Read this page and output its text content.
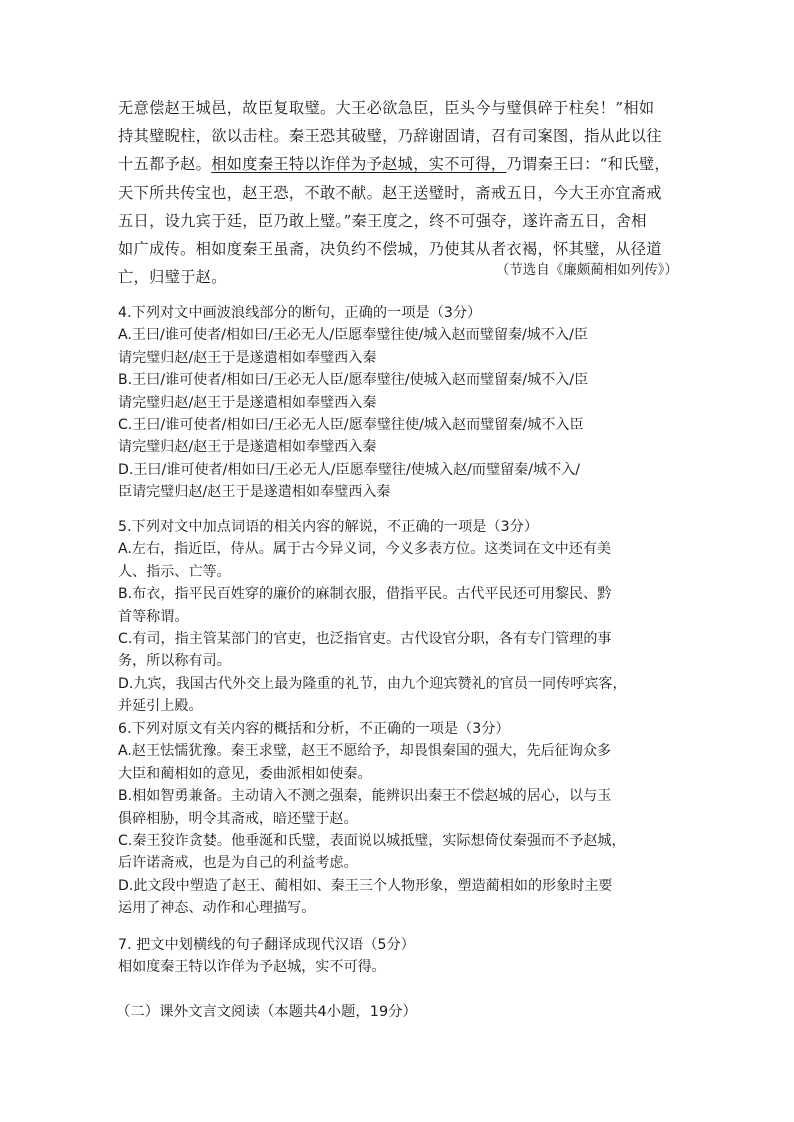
无意偿赵王城邑，故臣复取璧。大王必欲急臣，臣头今与璧俱碎于柱矣！”相如

持其璧睨柱，欲以击柱。秦王恐其破璧，乃辞谢固请，召有司案图，指从此以往

十五都予赵。相如度秦王特以诈佯为予赵城，实不可得，乃谓秦王曰：“和氏璧，

天下所共传宝也，赵王恐，不敢不献。赵王送璧时，斋戒五日，今大王亦宜斋戒

五日，设九宾于廷，臣乃敢上璧。”秦王度之，终不可强夺，遂许斋五日，舍相

如广成传。相如度秦王虽斋，决负约不偿城，乃使其从者衣褐，怀其璧，从径道

亡，归璧于赵。	（节选自《廉颇蔺相如列传》）

4.下列对文中画波浪线部分的断句，正确的一项是（3分）

A.王曰/谁可使者/相如曰/王必无人/臣愿奉璧往使/城入赵而璧留秦/城不入/臣

请完璧归赵/赵王于是遂遣相如奉璧西入秦

B.王曰/谁可使者/相如曰/王必无人臣/愿奉璧往/使城入赵而璧留秦/城不入/臣

请完璧归赵/赵王于是遂遣相如奉璧西入秦

C.王曰/谁可使者/相如曰/王必无人臣/愿奉璧往使/城入赵而璧留秦/城不入臣

请完璧归赵/赵王于是遂遣相如奉璧西入秦

D.王曰/谁可使者/相如曰/王必无人/臣愿奉璧往/使城入赵/而璧留秦/城不入/

臣请完璧归赵/赵王于是遂遣相如奉璧西入秦

5.下列对文中加点词语的相关内容的解说，不正确的一项是（3分）

A.左右，指近臣，侍从。属于古今异义词，今义多表方位。这类词在文中还有美

人、指示、亡等。

B.布衣，指平民百姓穿的廉价的麻制衣服，借指平民。古代平民还可用黎民、黔

首等称谓。

C.有司，指主管某部门的官吏，也泛指官吏。古代设官分职，各有专门管理的事

务，所以称有司。

D.九宾，我国古代外交上最为隆重的礼节，由九个迎宾赞礼的官员一同传呼宾客，

并延引上殿。

6.下列对原文有关内容的概括和分析，不正确的一项是（3分）

A.赵王怯懦犹豫。秦王求璧，赵王不愿给予，却畏惧秦国的强大，先后征询众多

大臣和蔺相如的意见，委曲派相如使秦。

B.相如智勇兼备。主动请入不测之强秦，能辨识出秦王不偿赵城的居心，以与玉

俱碎相胁，明令其斋戒，暗还璧于赵。

C.秦王狡诈贪婪。他垂涎和氏璧，表面说以城抵璧，实际想倚仗秦强而不予赵城，

后许诺斋戒，也是为自己的利益考虑。

D.此文段中塑造了赵王、蔺相如、秦王三个人物形象，塑造蔺相如的形象时主要

运用了神态、动作和心理描写。

7. 把文中划横线的句子翻译成现代汉语（5分）

相如度秦王特以诈佯为予赵城，实不可得。

（二）课外文言文阅读（本题共4小题，19分）
